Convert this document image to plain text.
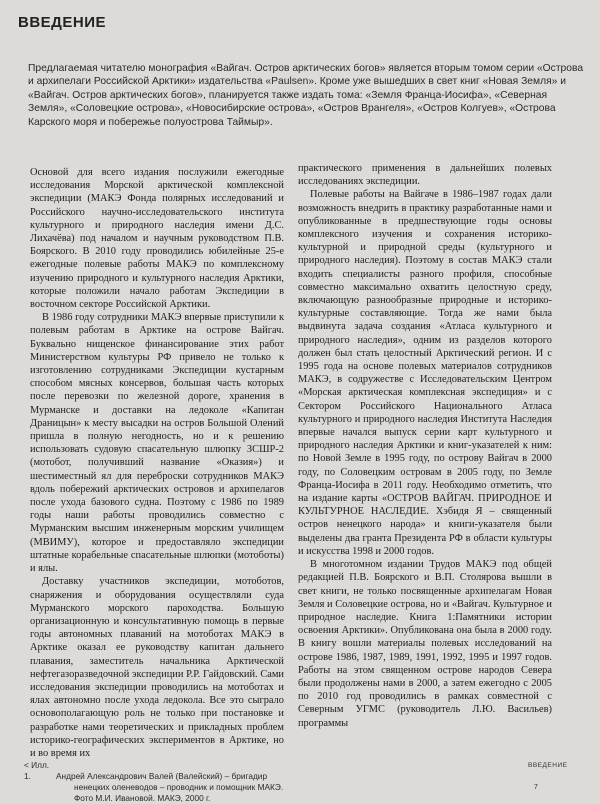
ВВЕДЕНИЕ
Предлагаемая читателю монография «Вайгач. Остров арктических богов» является вторым томом серии «Острова и архипелаги Российской Арктики» издательства «Paulsen». Кроме уже вышедших в свет книг «Новая Земля» и «Вайгач. Остров арктических богов», планируется также издать тома: «Земля Франца-Иосифа», «Северная Земля», «Соловецкие острова», «Новосибирские острова», «Остров Врангеля», «Остров Колгуев», «Острова Карского моря и побережье полуострова Таймыр».

Основой для всего издания послужили ежегодные исследования Морской арктической комплексной экспедиции (МАКЭ Фонда полярных исследований и Российского научно-исследовательского института культурного и природного наследия имени Д.С. Лихачёва) под началом и научным руководством П.В. Боярского. В 2010 году проводились юбилейные 25-е ежегодные полевые работы МАКЭ по комплексному изучению природного и культурного наследия Арктики, которые положили начало работам Экспедиции в восточном секторе Российской Арктики.

В 1986 году сотрудники МАКЭ впервые приступили к полевым работам в Арктике на острове Вайгач. Буквально нищенское финансирование этих работ Министерством культуры РФ привело не только к изготовлению сотрудниками Экспедиции кустарным способом мясных консервов, большая часть которых после перевозки по железной дороге, хранения в Мурманске и доставки на ледоколе «Капитан Драницын» к месту высадки на остров Большой Олений пришла в полную негодность, но и к решению использовать судовую спасательную шлюпку ЗСШР-2 (мотобот, получивший название «Оказия») и шестиместный ял для переброски сотрудников МАКЭ вдоль побережий арктических островов и архипелагов после ухода базового судна. Поэтому с 1986 по 1989 годы наши работы проводились совместно с Мурманским высшим инженерным морским училищем (МВИМУ), которое и предоставляло экспедиции штатные корабельные спасательные шлюпки (мотоботы) и ялы.

Доставку участников экспедиции, мотоботов, снаряжения и оборудования осуществляли суда Мурманского морского пароходства. Большую организационную и консультативную помощь в первые годы автономных плаваний на мотоботах МАКЭ в Арктике оказал ее руководству капитан дальнего плавания, заместитель начальника Арктической нефтегазоразведочной экспедиции Р.Р. Гайдовский. Сами исследования экспедиции проводились на мотоботах и ялах автономно после ухода ледокола. Все это сыграло основополагающую роль не только при постановке и разработке нами теоретических и прикладных проблем историко-географических экспериментов в Арктике, но и во время их

практического применения в дальнейших полевых исследованиях экспедиции.

Полевые работы на Вайгаче в 1986–1987 годах дали возможность внедрить в практику разработанные нами и опубликованные в предшествующие годы основы комплексного изучения и сохранения историко-культурной и природной среды (культурного и природного наследия). Поэтому в состав МАКЭ стали входить специалисты разного профиля, способные совместно максимально охватить целостную среду, включающую разнообразные природные и историко-культурные составляющие. Тогда же нами была выдвинута задача создания «Атласа культурного и природного наследия», одним из разделов которого должен был стать целостный Арктический регион. И с 1995 года на основе полевых материалов сотрудников МАКЭ, в содружестве с Исследовательским Центром «Морская арктическая комплексная экспедиция» и с Сектором Российского Национального Атласа культурного и природного наследия Института Наследия впервые начался выпуск серии карт культурного и природного наследия Арктики и книг-указателей к ним: по Новой Земле в 1995 году, по острову Вайгач в 2000 году, по Соловецким островам в 2005 году, по Земле Франца-Иосифа в 2011 году. Необходимо отметить, что на издание карты «ОСТРОВ ВАЙГАЧ. ПРИРОДНОЕ И КУЛЬТУРНОЕ НАСЛЕДИЕ. Хэбидя Я – священный остров ненецкого народа» и книги-указателя были выделены два гранта Президента РФ в области культуры и искусства 1998 и 2000 годов.

В многотомном издании Трудов МАКЭ под общей редакцией П.В. Боярского и В.П. Столярова вышли в свет книги, не только посвященные архипелагам Новая Земля и Соловецкие острова, но и «Вайгач. Культурное и природное наследие. Книга 1:Памятники истории освоения Арктики». Опубликована она была в 2000 году. В книгу вошли материалы полевых исследований на острове 1986, 1987, 1989, 1991, 1992, 1995 и 1997 годов. Работы на этом священном острове народов Севера были продолжены нами в 2000, а затем ежегодно с 2005 по 2010 год проводились в рамках совместной с Северным УГМС (руководитель Л.Ю. Васильев) программы

< Илл. 1.	Андрей Александрович Валей (Валейский) – бригадир
ненецких оленеводов – проводник и помощник МАКЭ.
Фото М.И. Ивановой. МАКЭ, 2000 г.
ВВЕДЕНИЕ
7
